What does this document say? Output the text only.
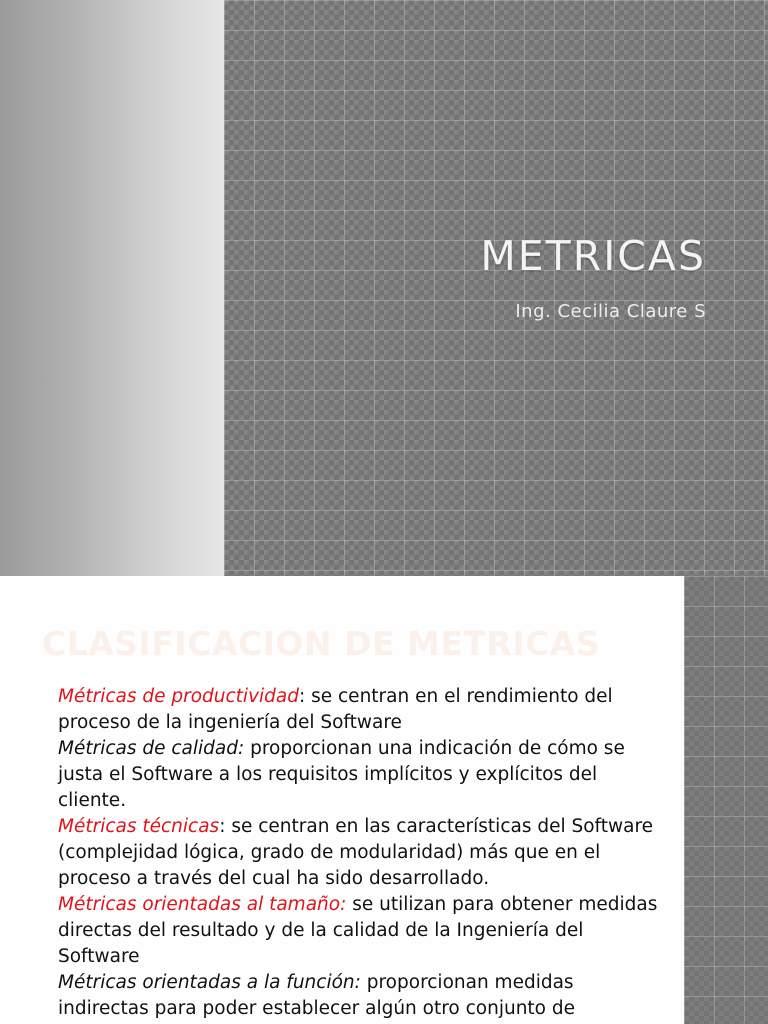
METRICAS

Ing. Cecilia Claure S

CLASIFICACION DE METRICAS

Métricas de productividad: se centran en el rendimiento del proceso de la ingeniería del Software

Métricas de calidad: proporcionan una indicación de cómo se justa el Software a los requisitos implícitos y explícitos del cliente.

Métricas técnicas: se centran en las características del Software (complejidad lógica, grado de modularidad) más que en el proceso a través del cual ha sido desarrollado.

Métricas orientadas al tamaño: se utilizan para obtener medidas directas del resultado y de la calidad de la Ingeniería del Software

Métricas orientadas a la función: proporcionan medidas indirectas para poder establecer algún otro conjunto de
